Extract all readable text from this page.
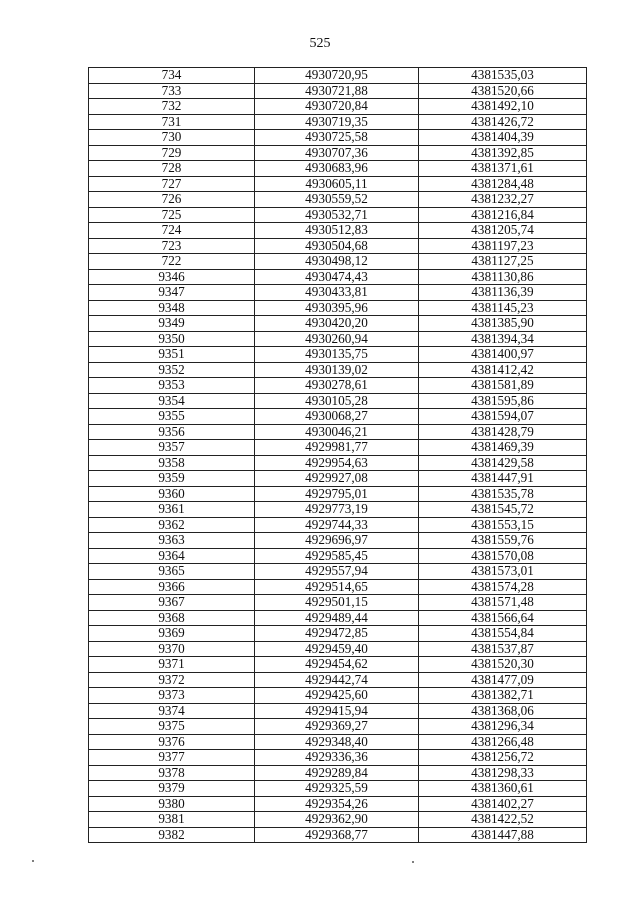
525
734	4930720,95	4381535,03
733	4930721,88	4381520,66
732	4930720,84	4381492,10
731	4930719,35	4381426,72
730	4930725,58	4381404,39
729	4930707,36	4381392,85
728	4930683,96	4381371,61
727	4930605,11	4381284,48
726	4930559,52	4381232,27
725	4930532,71	4381216,84
724	4930512,83	4381205,74
723	4930504,68	4381197,23
722	4930498,12	4381127,25
9346	4930474,43	4381130,86
9347	4930433,81	4381136,39
9348	4930395,96	4381145,23
9349	4930420,20	4381385,90
9350	4930260,94	4381394,34
9351	4930135,75	4381400,97
9352	4930139,02	4381412,42
9353	4930278,61	4381581,89
9354	4930105,28	4381595,86
9355	4930068,27	4381594,07
9356	4930046,21	4381428,79
9357	4929981,77	4381469,39
9358	4929954,63	4381429,58
9359	4929927,08	4381447,91
9360	4929795,01	4381535,78
9361	4929773,19	4381545,72
9362	4929744,33	4381553,15
9363	4929696,97	4381559,76
9364	4929585,45	4381570,08
9365	4929557,94	4381573,01
9366	4929514,65	4381574,28
9367	4929501,15	4381571,48
9368	4929489,44	4381566,64
9369	4929472,85	4381554,84
9370	4929459,40	4381537,87
9371	4929454,62	4381520,30
9372	4929442,74	4381477,09
9373	4929425,60	4381382,71
9374	4929415,94	4381368,06
9375	4929369,27	4381296,34
9376	4929348,40	4381266,48
9377	4929336,36	4381256,72
9378	4929289,84	4381298,33
9379	4929325,59	4381360,61
9380	4929354,26	4381402,27
9381	4929362,90	4381422,52
9382	4929368,77	4381447,88
